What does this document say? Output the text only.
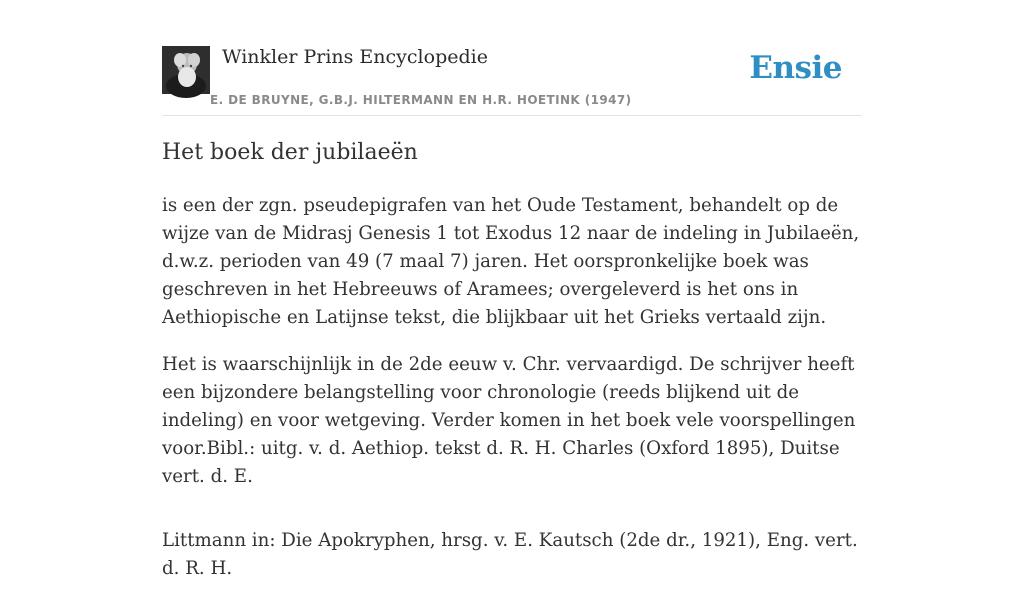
Winkler Prins Encyclopedie
E. DE BRUYNE, G.B.J. HILTERMANN EN H.R. HOETINK (1947)
Ensie
Het boek der jubilaeën

is een der zgn. pseudepigrafen van het Oude Testament, behandelt op de wijze van de Midrasj Genesis 1 tot Exodus 12 naar de indeling in Jubilaeën, d.w.z. perioden van 49 (7 maal 7) jaren. Het oorspronkelijke boek was geschreven in het Hebreeuws of Aramees; overgeleverd is het ons in Aethiopische en Latijnse tekst, die blijkbaar uit het Grieks vertaald zijn.

Het is waarschijnlijk in de 2de eeuw v. Chr. vervaardigd. De schrijver heeft een bijzondere belangstelling voor chronologie (reeds blijkend uit de indeling) en voor wetgeving. Verder komen in het boek vele voorspellingen voor.Bibl.: uitg. v. d. Aethiop. tekst d. R. H. Charles (Oxford 1895), Duitse vert. d. E.

Littmann in: Die Apokryphen, hrsg. v. E. Kautsch (2de dr., 1921), Eng. vert. d. R. H.
